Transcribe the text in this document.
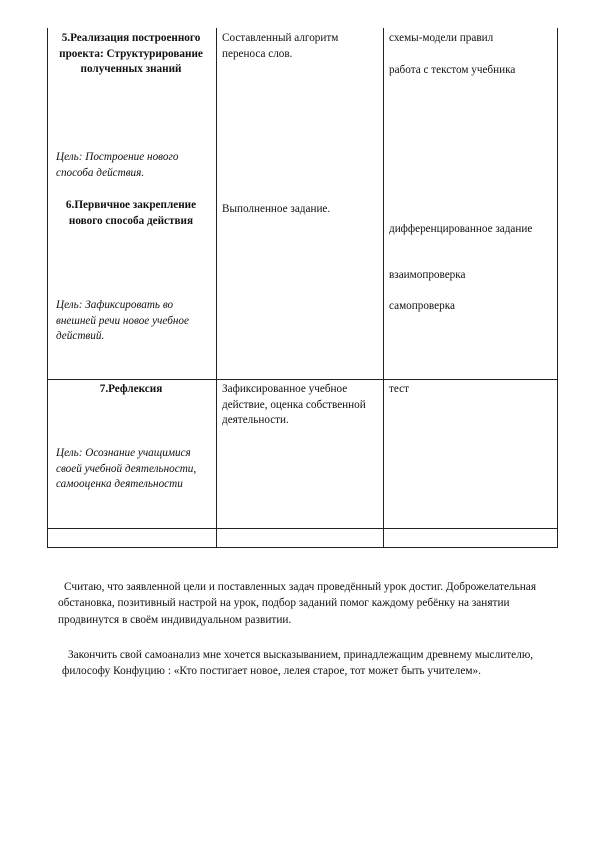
5.Реализация построенного проекта: Структурирование полученных знаний
Цель: Построение нового способа действия.
Составленный алгоритм переноса слов.
схемы-модели правил
работа с текстом учебника
6.Первичное закрепление нового способа действия
Цель: Зафиксировать во внешней речи новое учебное действий.
Выполненное задание.
дифференцированное задание
взаимопроверка
самопроверка
7.Рефлексия
Цель: Осознание учащимися своей учебной деятельности, самооценка деятельности
Зафиксированное учебное действие, оценка собственной деятельности.
тест
Считаю, что заявленной цели и поставленных задач проведённый урок достиг. Доброжелательная обстановка, позитивный настрой на урок, подбор заданий помог каждому ребёнку на занятии продвинутся в своём индивидуальном развитии.
Закончить свой самоанализ мне хочется высказыванием, принадлежащим древнему мыслителю, философу Конфуцию : «Кто постигает новое, лелея старое, тот может быть учителем».
